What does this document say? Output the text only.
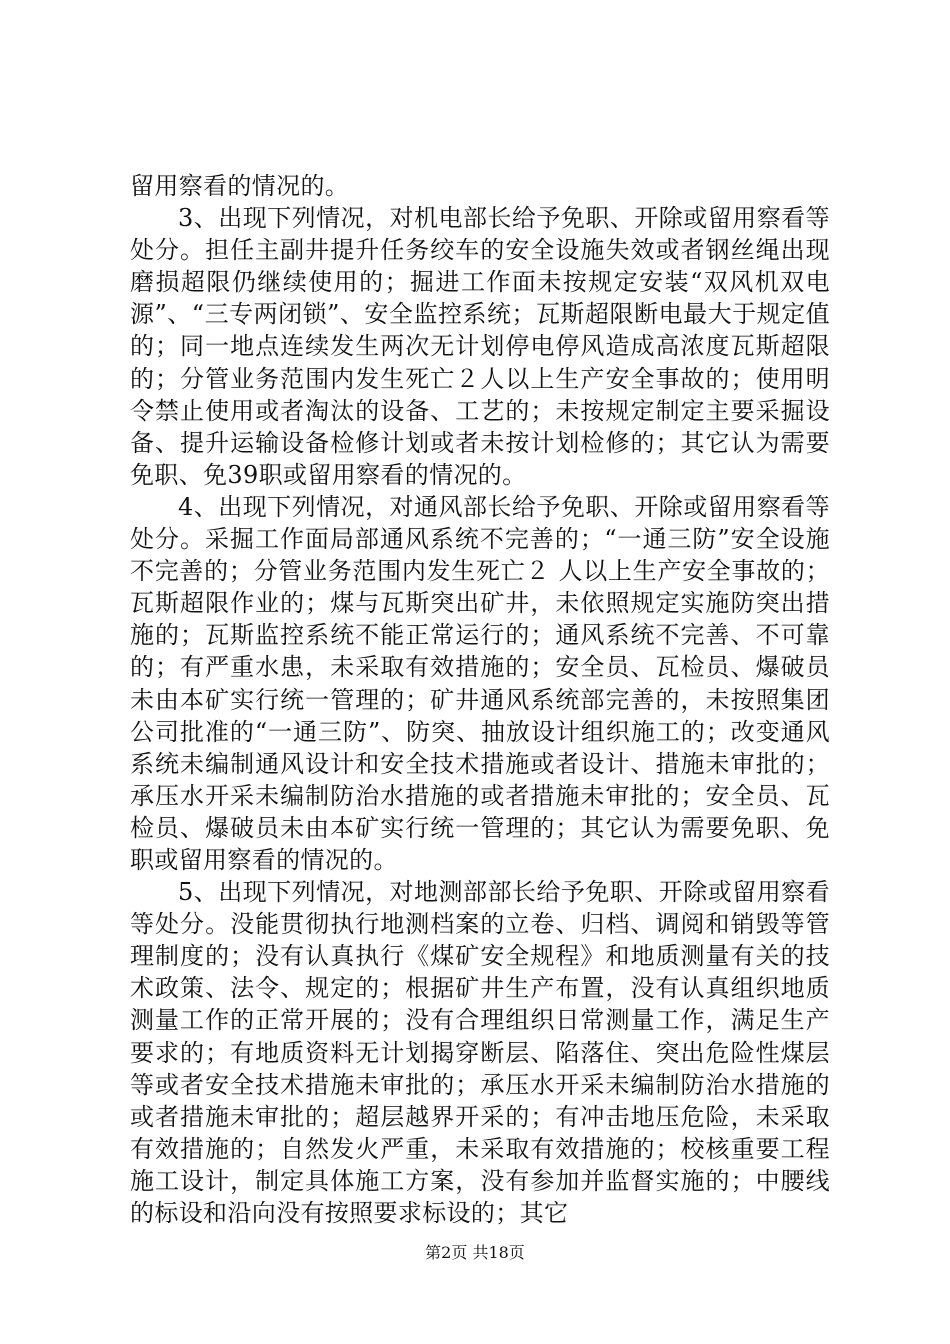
留用察看的情况的。

3、出现下列情况，对机电部长给予免职、开除或留用察看等处分。担任主副井提升任务绞车的安全设施失效或者钢丝绳出现磨损超限仍继续使用的；掘进工作面未按规定安装“双风机双电源”、“三专两闭锁”、安全监控系统；瓦斯超限断电最大于规定值的；同一地点连续发生两次无计划停电停风造成高浓度瓦斯超限的；分管业务范围内发生死亡２人以上生产安全事故的；使用明令禁止使用或者淘汰的设备、工艺的；未按规定制定主要采掘设备、提升运输设备检修计划或者未按计划检修的；其它认为需要免职、免39职或留用察看的情况的。

4、出现下列情况，对通风部长给予免职、开除或留用察看等处分。采掘工作面局部通风系统不完善的；“一通三防”安全设施不完善的；分管业务范围内发生死亡２ 人以上生产安全事故的；瓦斯超限作业的；煤与瓦斯突出矿井，未依照规定实施防突出措施的；瓦斯监控系统不能正常运行的；通风系统不完善、不可靠的；有严重水患，未采取有效措施的；安全员、瓦检员、爆破员未由本矿实行统一管理的；矿井通风系统部完善的，未按照集团公司批准的“一通三防”、防突、抽放设计组织施工的；改变通风系统未编制通风设计和安全技术措施或者设计、措施未审批的；承压水开采未编制防治水措施的或者措施未审批的；安全员、瓦检员、爆破员未由本矿实行统一管理的；其它认为需要免职、免职或留用察看的情况的。

5、出现下列情况，对地测部部长给予免职、开除或留用察看等处分。没能贯彻执行地测档案的立卷、归档、调阅和销毁等管理制度的；没有认真执行《煤矿安全规程》和地质测量有关的技术政策、法令、规定的；根据矿井生产布置，没有认真组织地质测量工作的正常开展的；没有合理组织日常测量工作，满足生产要求的；有地质资料无计划揭穿断层、陷落住、突出危险性煤层等或者安全技术措施未审批的；承压水开采未编制防治水措施的或者措施未审批的；超层越界开采的；有冲击地压危险，未采取有效措施的；自然发火严重，未采取有效措施的；校核重要工程施工设计，制定具体施工方案，没有参加并监督实施的；中腰线的标设和沿向没有按照要求标设的；其它

第2页 共18页
